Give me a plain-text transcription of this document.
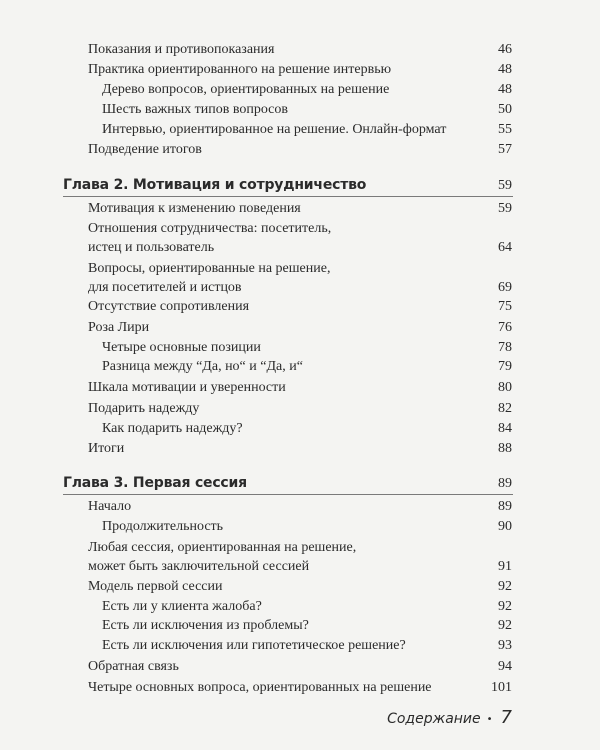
Показания и противопоказания	46
Практика ориентированного на решение интервью	48
Дерево вопросов, ориентированных на решение	48
Шесть важных типов вопросов	50
Интервью, ориентированное на решение. Онлайн-формат	55
Подведение итогов	57
Глава 2. Мотивация и сотрудничество	59
Мотивация к изменению поведения	59
Отношения сотрудничества: посетитель,
истец и пользователь	64
Вопросы, ориентированные на решение,
для посетителей и истцов	69
Отсутствие сопротивления	75
Роза Лири	76
Четыре основные позиции	78
Разница между “Да, но“ и “Да, и“	79
Шкала мотивации и уверенности	80
Подарить надежду	82
Как подарить надежду?	84
Итоги	88
Глава 3. Первая сессия	89
Начало	89
Продолжительность	90
Любая сессия, ориентированная на решение,
может быть заключительной сессией	91
Модель первой сессии	92
Есть ли у клиента жалоба?	92
Есть ли исключения из проблемы?	92
Есть ли исключения или гипотетическое решение?	93
Обратная связь	94
Четыре основных вопроса, ориентированных на решение	101
Содержание • 7
